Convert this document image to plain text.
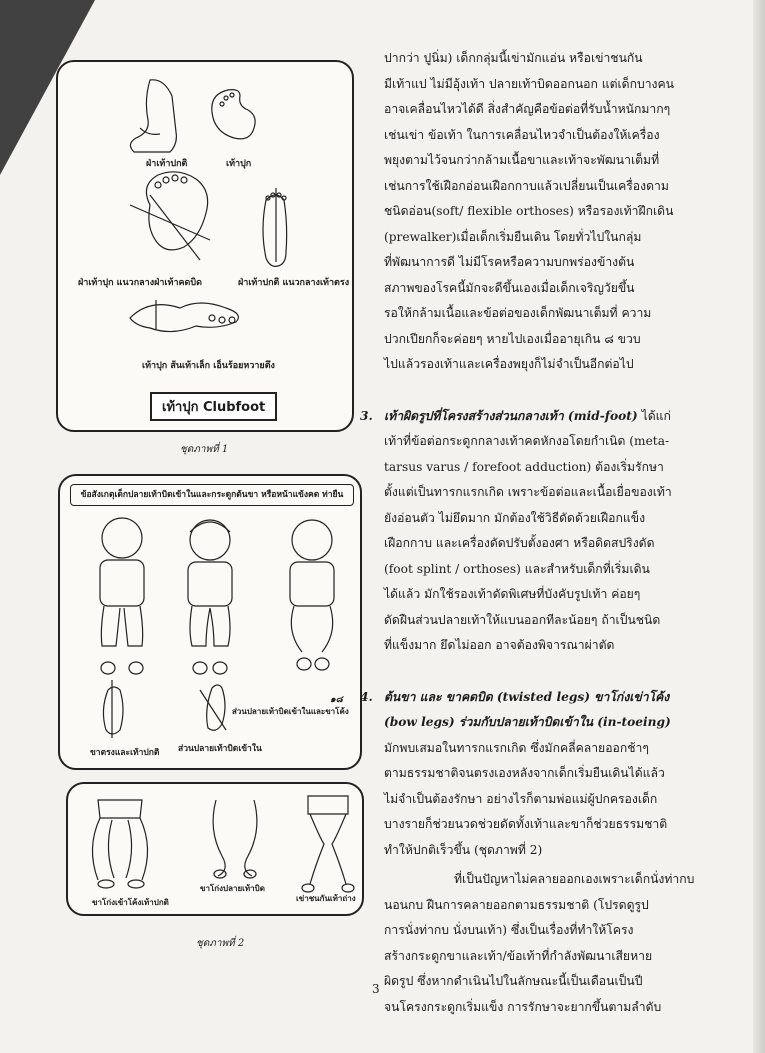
ฝ่าเท้าปกติ	เท้าปุก
ฝ่าเท้าปุก แนวกลางฝ่าเท้าคดบิด	ฝ่าเท้าปกติ แนวกลางเท้าตรง
เท้าปุก ส้นเท้าเล็ก เอ็นร้อยหวายตึง
เท้าปุก Clubfoot
ชุดภาพที่ 1
ข้อสังเกตุเด็กปลายเท้าบิดเข้าในและกระดูกต้นขา หรือหน้าแข้งคด ท่ายืน
๑๘
ส่วนปลายเท้าบิดเข้าในและขาโค้ง
ขาตรงและเท้าปกติ ส่วนปลายเท้าบิดเข้าใน
ขาโก่งเข้าโค้งเท้าปกติ
ขาโก่งปลายเท้าบิด
เข่าชนกันเท้าถ่าง
ชุดภาพที่ 2
ปากว่า ปูนิ่ม) เด็กกลุ่มนี้เข่ามักแอ่น หรือเข่าชนกัน
มีเท้าแป ไม่มีอุ้งเท้า ปลายเท้าบิดออกนอก แต่เด็กบางคน
อาจเคลื่อนไหวได้ดี สิ่งสำคัญคือข้อต่อที่รับน้ำหนักมากๆ
เช่นเข่า ข้อเท้า ในการเคลื่อนไหวจำเป็นต้องให้เครื่อง
พยุงตามไว้จนกว่ากล้ามเนื้อขาและเท้าจะพัฒนาเต็มที่
เช่นการใช้เฝือกอ่อนเฝือกกาบแล้วเปลี่ยนเป็นเครื่องดาม
ชนิดอ่อน(soft/ flexible orthoses) หรือรองเท้าฝึกเดิน
(prewalker)เมื่อเด็กเริ่มยืนเดิน โดยทั่วไปในกลุ่ม
ที่พัฒนาการดี ไม่มีโรคหรือความบกพร่องข้างต้น
สภาพของโรคนี้มักจะดีขึ้นเองเมื่อเด็กเจริญวัยขึ้น
รอให้กล้ามเนื้อและข้อต่อของเด็กพัฒนาเต็มที่ ความ
ปวกเปียกก็จะค่อยๆ หายไปเองเมื่ออายุเกิน ๘ ขวบ
ไปแล้วรองเท้าและเครื่องพยุงก็ไม่จำเป็นอีกต่อไป
3. เท้าผิดรูปที่โครงสร้างส่วนกลางเท้า (mid-foot) ได้แก่
เท้าที่ข้อต่อกระดูกกลางเท้าคดหักงอโดยกำเนิด (meta-
tarsus varus / forefoot adduction) ต้องเริ่มรักษา
ตั้งแต่เป็นทารกแรกเกิด เพราะข้อต่อและเนื้อเยื่อของเท้า
ยังอ่อนตัว ไม่ยึดมาก มักต้องใช้วิธีดัดด้วยเฝือกแข็ง
เฝือกกาบ และเครื่องดัดปรับตั้งองศา หรือดิดสปริงดัด
(foot splint / orthoses) และสำหรับเด็กที่เริ่มเดิน
ได้แล้ว มักใช้รองเท้าดัดพิเศษที่บังคับรูปเท้า ค่อยๆ
ดัดฝืนส่วนปลายเท้าให้แบนออกทีละน้อยๆ ถ้าเป็นชนิด
ที่แข็งมาก ยึดไม่ออก อาจต้องพิจารณาผ่าตัด
4. ต้นขา และ ขาคดบิด (twisted legs) ขาโก่งเข่าโค้ง
(bow legs) ร่วมกับปลายเท้าบิดเข้าใน (in-toeing)
มักพบเสมอในทารกแรกเกิด ซึ่งมักคลี่คลายออกช้าๆ
ตามธรรมชาติจนตรงเองหลังจากเด็กเริ่มยืนเดินได้แล้ว
ไม่จำเป็นต้องรักษา อย่างไรก็ตามพ่อแม่ผู้ปกครองเด็ก
บางรายก็ช่วยนวดช่วยดัดทั้งเท้าและขาก็ช่วยธรรมชาติ
ทำให้ปกติเร็วขึ้น (ชุดภาพที่ 2)
ที่เป็นปัญหาไม่คลายออกเองเพราะเด็กนั่งท่ากบ
นอนกบ ฝืนการคลายออกตามธรรมชาติ (โปรดดูรูป
การนั่งท่ากบ นั่งบนเท้า) ซึ่งเป็นเรื่องที่ทำให้โครง
สร้างกระดูกขาและเท้า/ข้อเท้าที่กำลังพัฒนาเสียหาย
ผิดรูป ซึ่งหากดำเนินไปในลักษณะนี้เป็นเดือนเป็นปี
จนโครงกระดูกเริ่มแข็ง การรักษาจะยากขึ้นตามลำดับ
3
